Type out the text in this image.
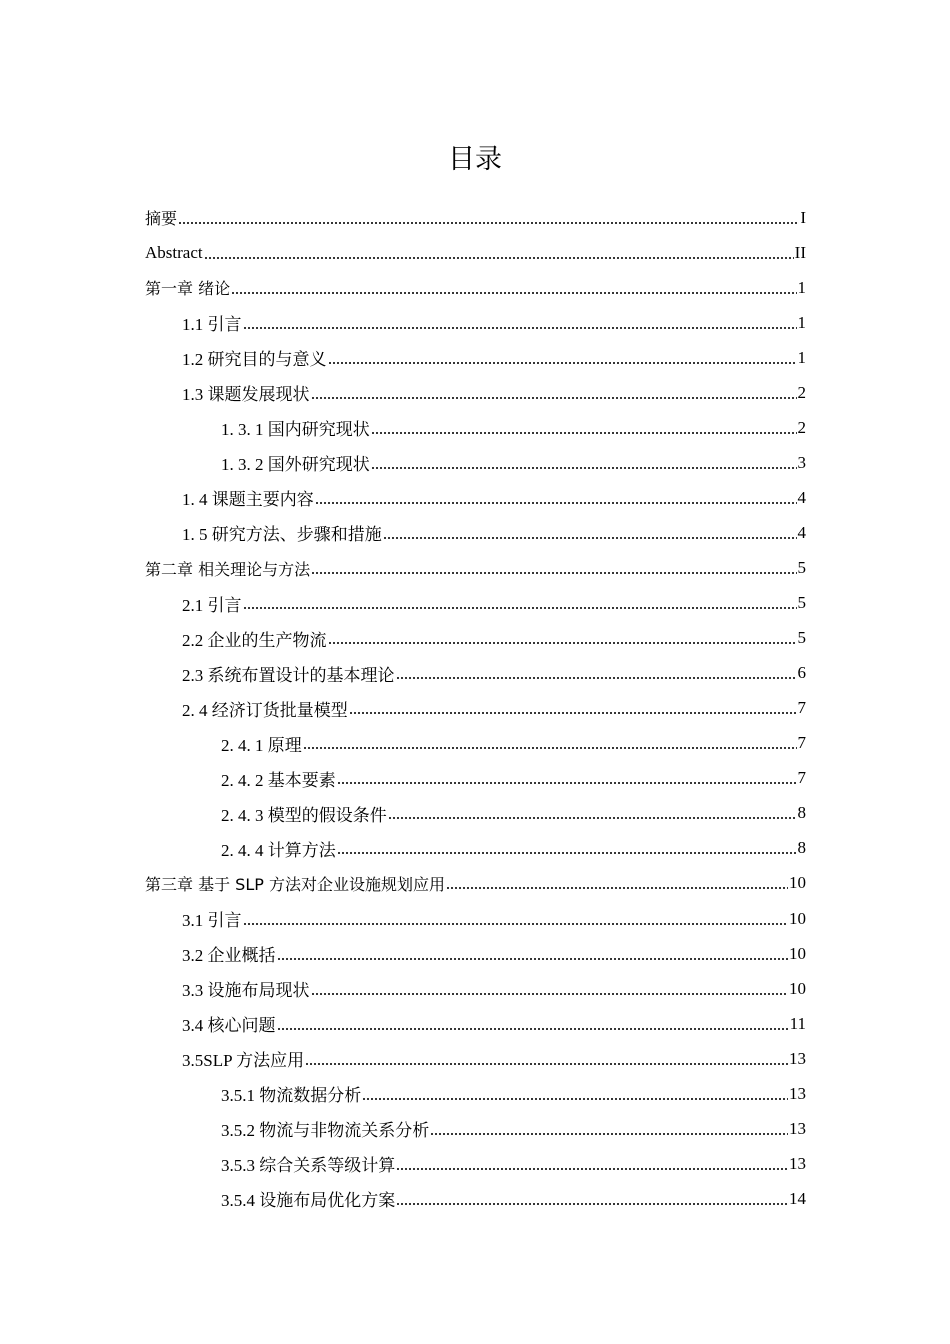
目录
摘要	I
Abstract	II
第一章 绪论	1
1.1 引言	1
1.2 研究目的与意义	1
1.3 课题发展现状	2
1. 3. 1 国内研究现状	2
1. 3. 2 国外研究现状	3
1. 4 课题主要内容	4
1. 5 研究方法、步骤和措施	4
第二章 相关理论与方法	5
2.1 引言	5
2.2 企业的生产物流	5
2.3 系统布置设计的基本理论	6
2. 4 经济订货批量模型	7
2. 4. 1 原理	7
2. 4. 2 基本要素	7
2. 4. 3 模型的假设条件	8
2. 4. 4 计算方法	8
第三章 基于 SLP 方法对企业设施规划应用	10
3.1 引言	10
3.2 企业概括	10
3.3 设施布局现状	10
3.4 核心问题	11
3.5SLP 方法应用	13
3.5.1 物流数据分析	13
3.5.2 物流与非物流关系分析	13
3.5.3 综合关系等级计算	13
3.5.4 设施布局优化方案	14
